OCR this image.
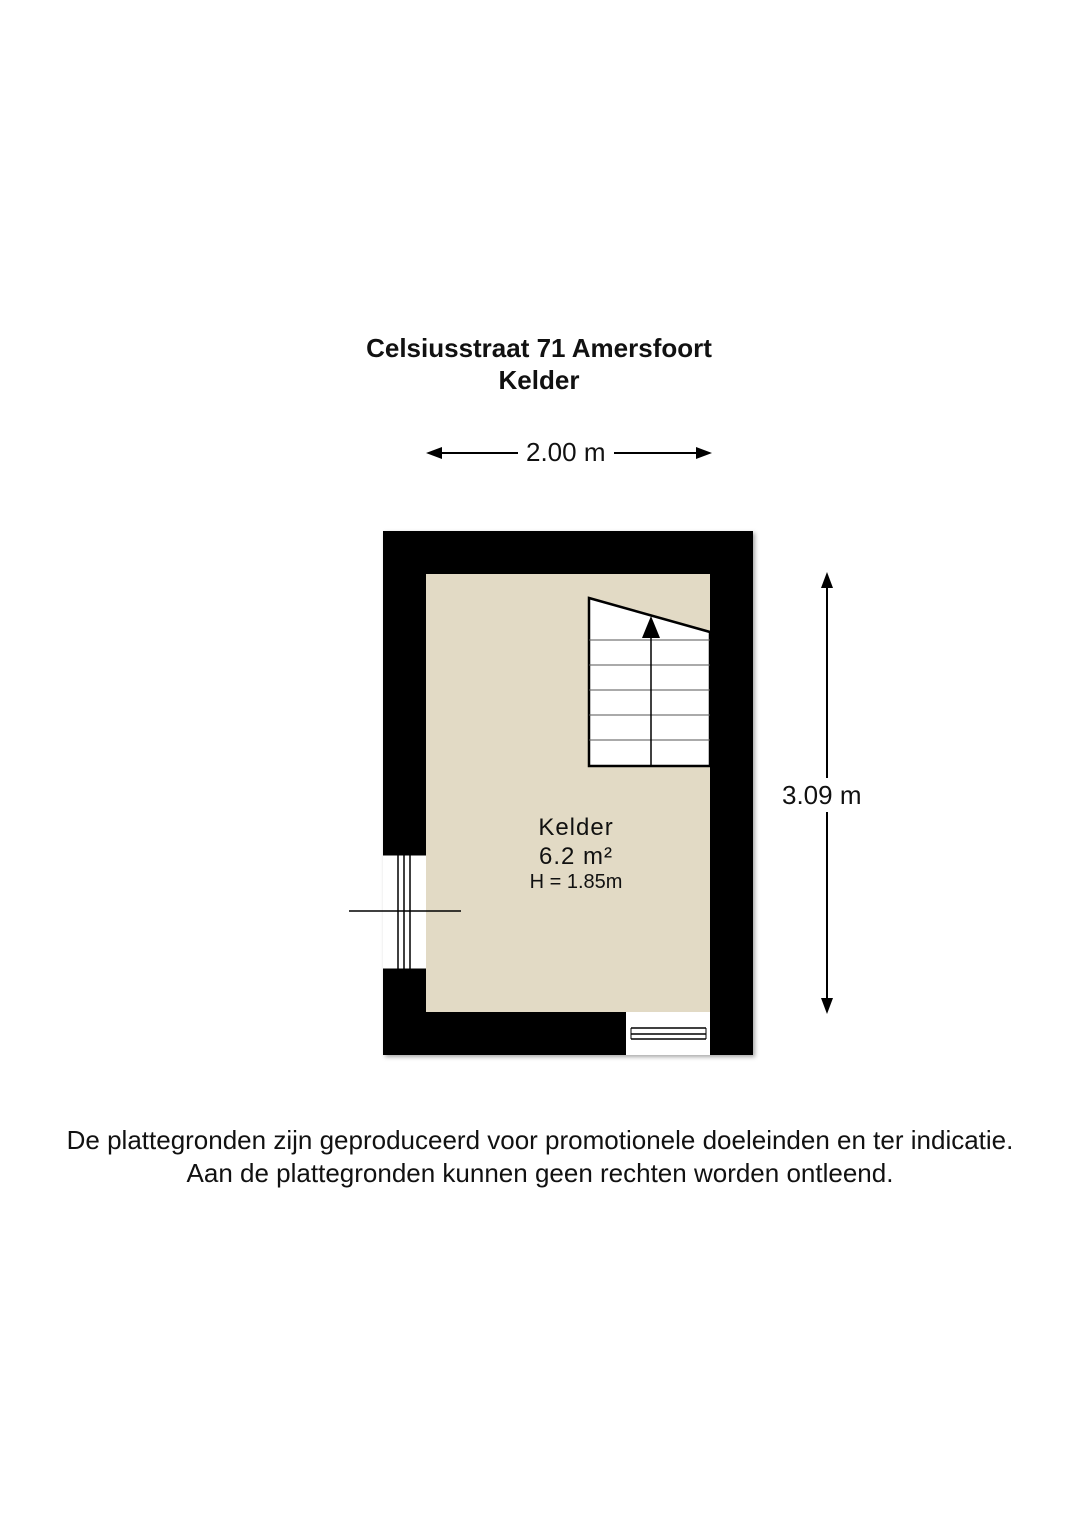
Celsiusstraat 71 Amersfoort
Kelder
2.00 m
3.09 m
Kelder
6.2 m²
H = 1.85m
De plattegronden zijn geproduceerd voor promotionele doeleinden en ter indicatie.
Aan de plattegronden kunnen geen rechten worden ontleend.
